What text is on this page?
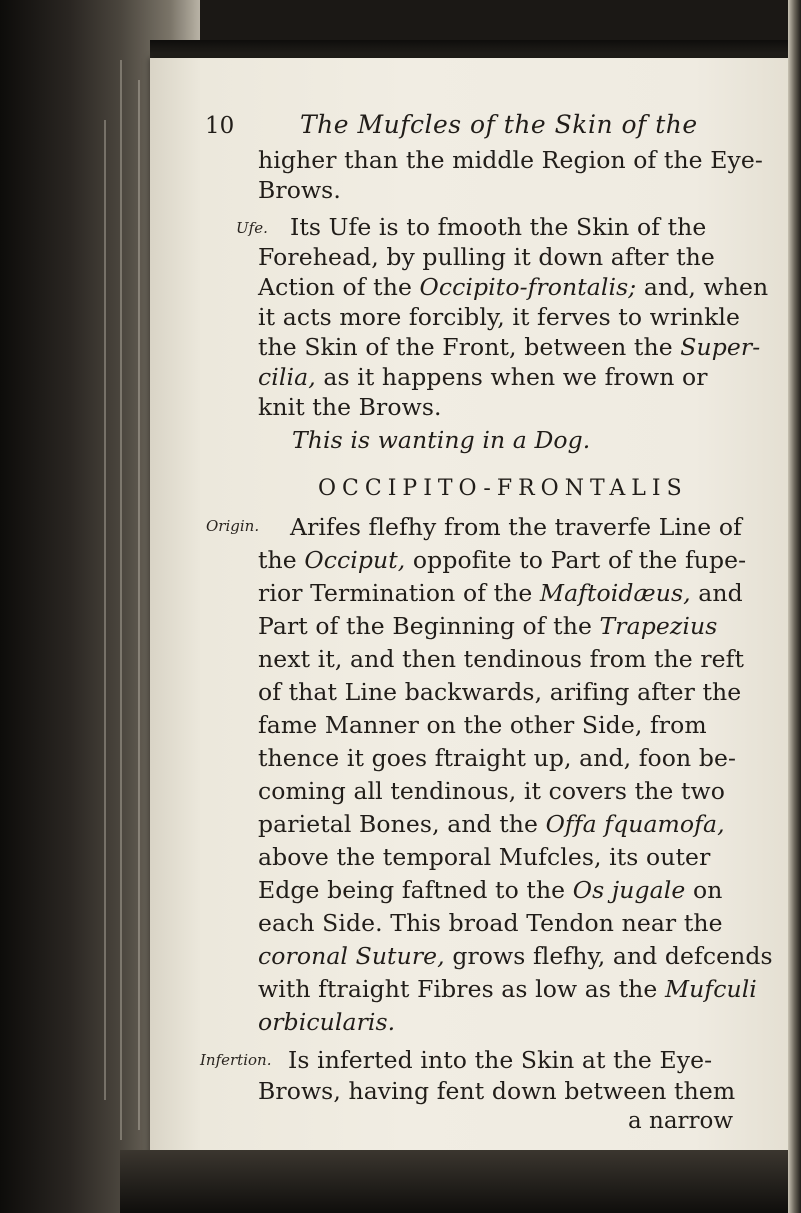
10	The Mufcles of the Skin of the
higher than the middle Region of the Eye-
Brows.
Ufe. Its Ufe is to fmooth the Skin of the
Forehead, by pulling it down after the
Action of the Occipito-frontalis; and, when
it acts more forcibly, it ferves to wrinkle
the Skin of the Front, between the Super-
cilia, as it happens when we frown or
knit the Brows.
This is wanting in a Dog.
OCCIPITO-FRONTALIS
Origin. Arifes flefhy from the traverfe Line of
the Occiput, oppofite to Part of the fupe-
rior Termination of the Maftoidæus, and
Part of the Beginning of the Trapezius
next it, and then tendinous from the reft
of that Line backwards, arifing after the
fame Manner on the other Side, from
thence it goes ftraight up, and, foon be-
coming all tendinous, it covers the two
parietal Bones, and the Offa fquamofa,
above the temporal Mufcles, its outer
Edge being faftned to the Os jugale on
each Side. This broad Tendon near the
coronal Suture, grows flefhy, and defcends
with ftraight Fibres as low as the Mufculi
orbicularis.
Infertion. Is inferted into the Skin at the Eye-
Brows, having fent down between them
a narrow
